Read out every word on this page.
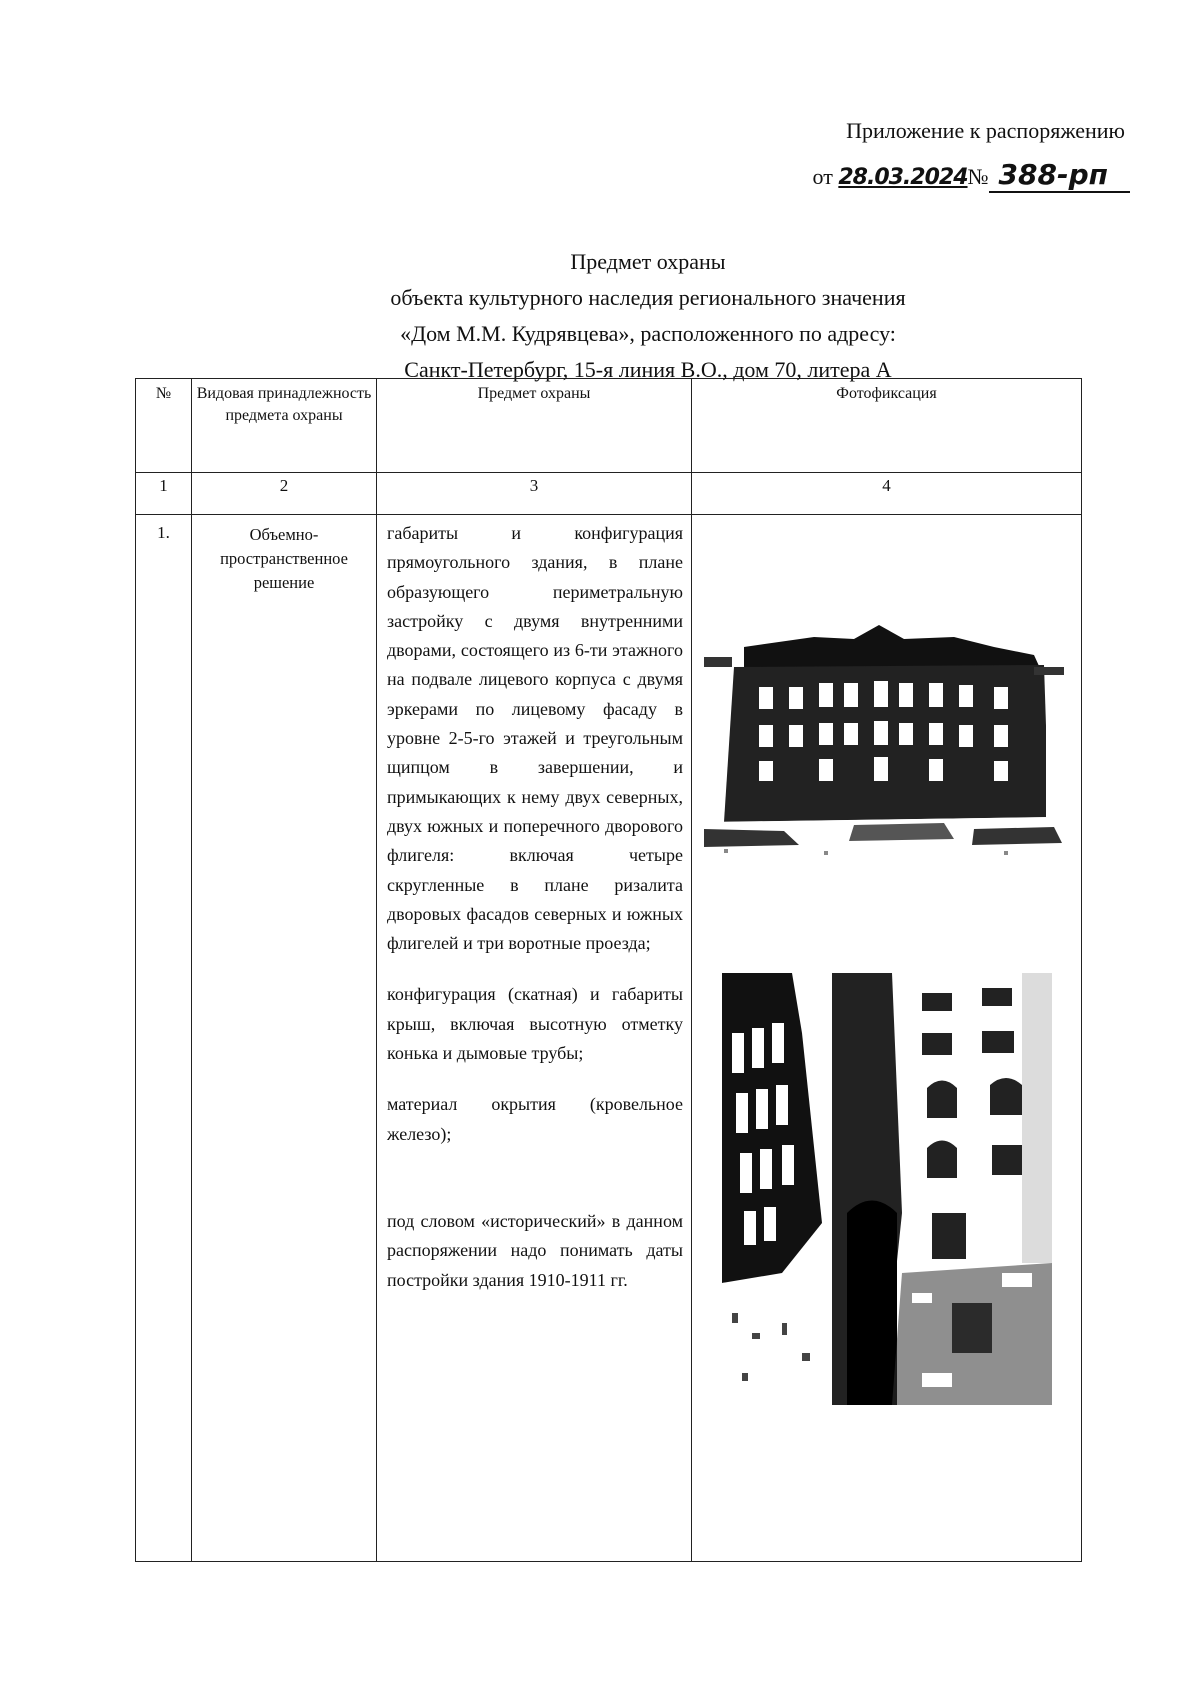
Приложение к распоряжению
от 28.03.2024№ 388-рп
Предмет охраны
объекта культурного наследия регионального значения
«Дом М.М. Кудрявцева», расположенного по адресу:
Санкт-Петербург, 15-я линия В.О., дом 70, литера А
№	Видовая принадлежность предмета охраны	Предмет охраны	Фотофиксация
1	2	3	4
1.	Объемно-пространственное решение	габариты и конфигурация прямоугольного здания, в плане образующего периметральную застройку с двумя внутренними дворами, состоящего из 6-ти этажного на подвале лицевого корпуса с двумя эркерами по лицевому фасаду в уровне 2-5-го этажей и треугольным щипцом в завершении, и примыкающих к нему двух северных, двух южных и поперечного дворового флигеля: включая четыре скругленные в плане ризалита дворовых фасадов северных и южных флигелей и три воротные проезда;

конфигурация (скатная) и габариты крыш, включая высотную отметку конька и дымовые трубы;

материал окрытия (кровельное железо);

под словом «исторический» в данном распоряжении надо понимать даты постройки здания 1910-1911 гг.
